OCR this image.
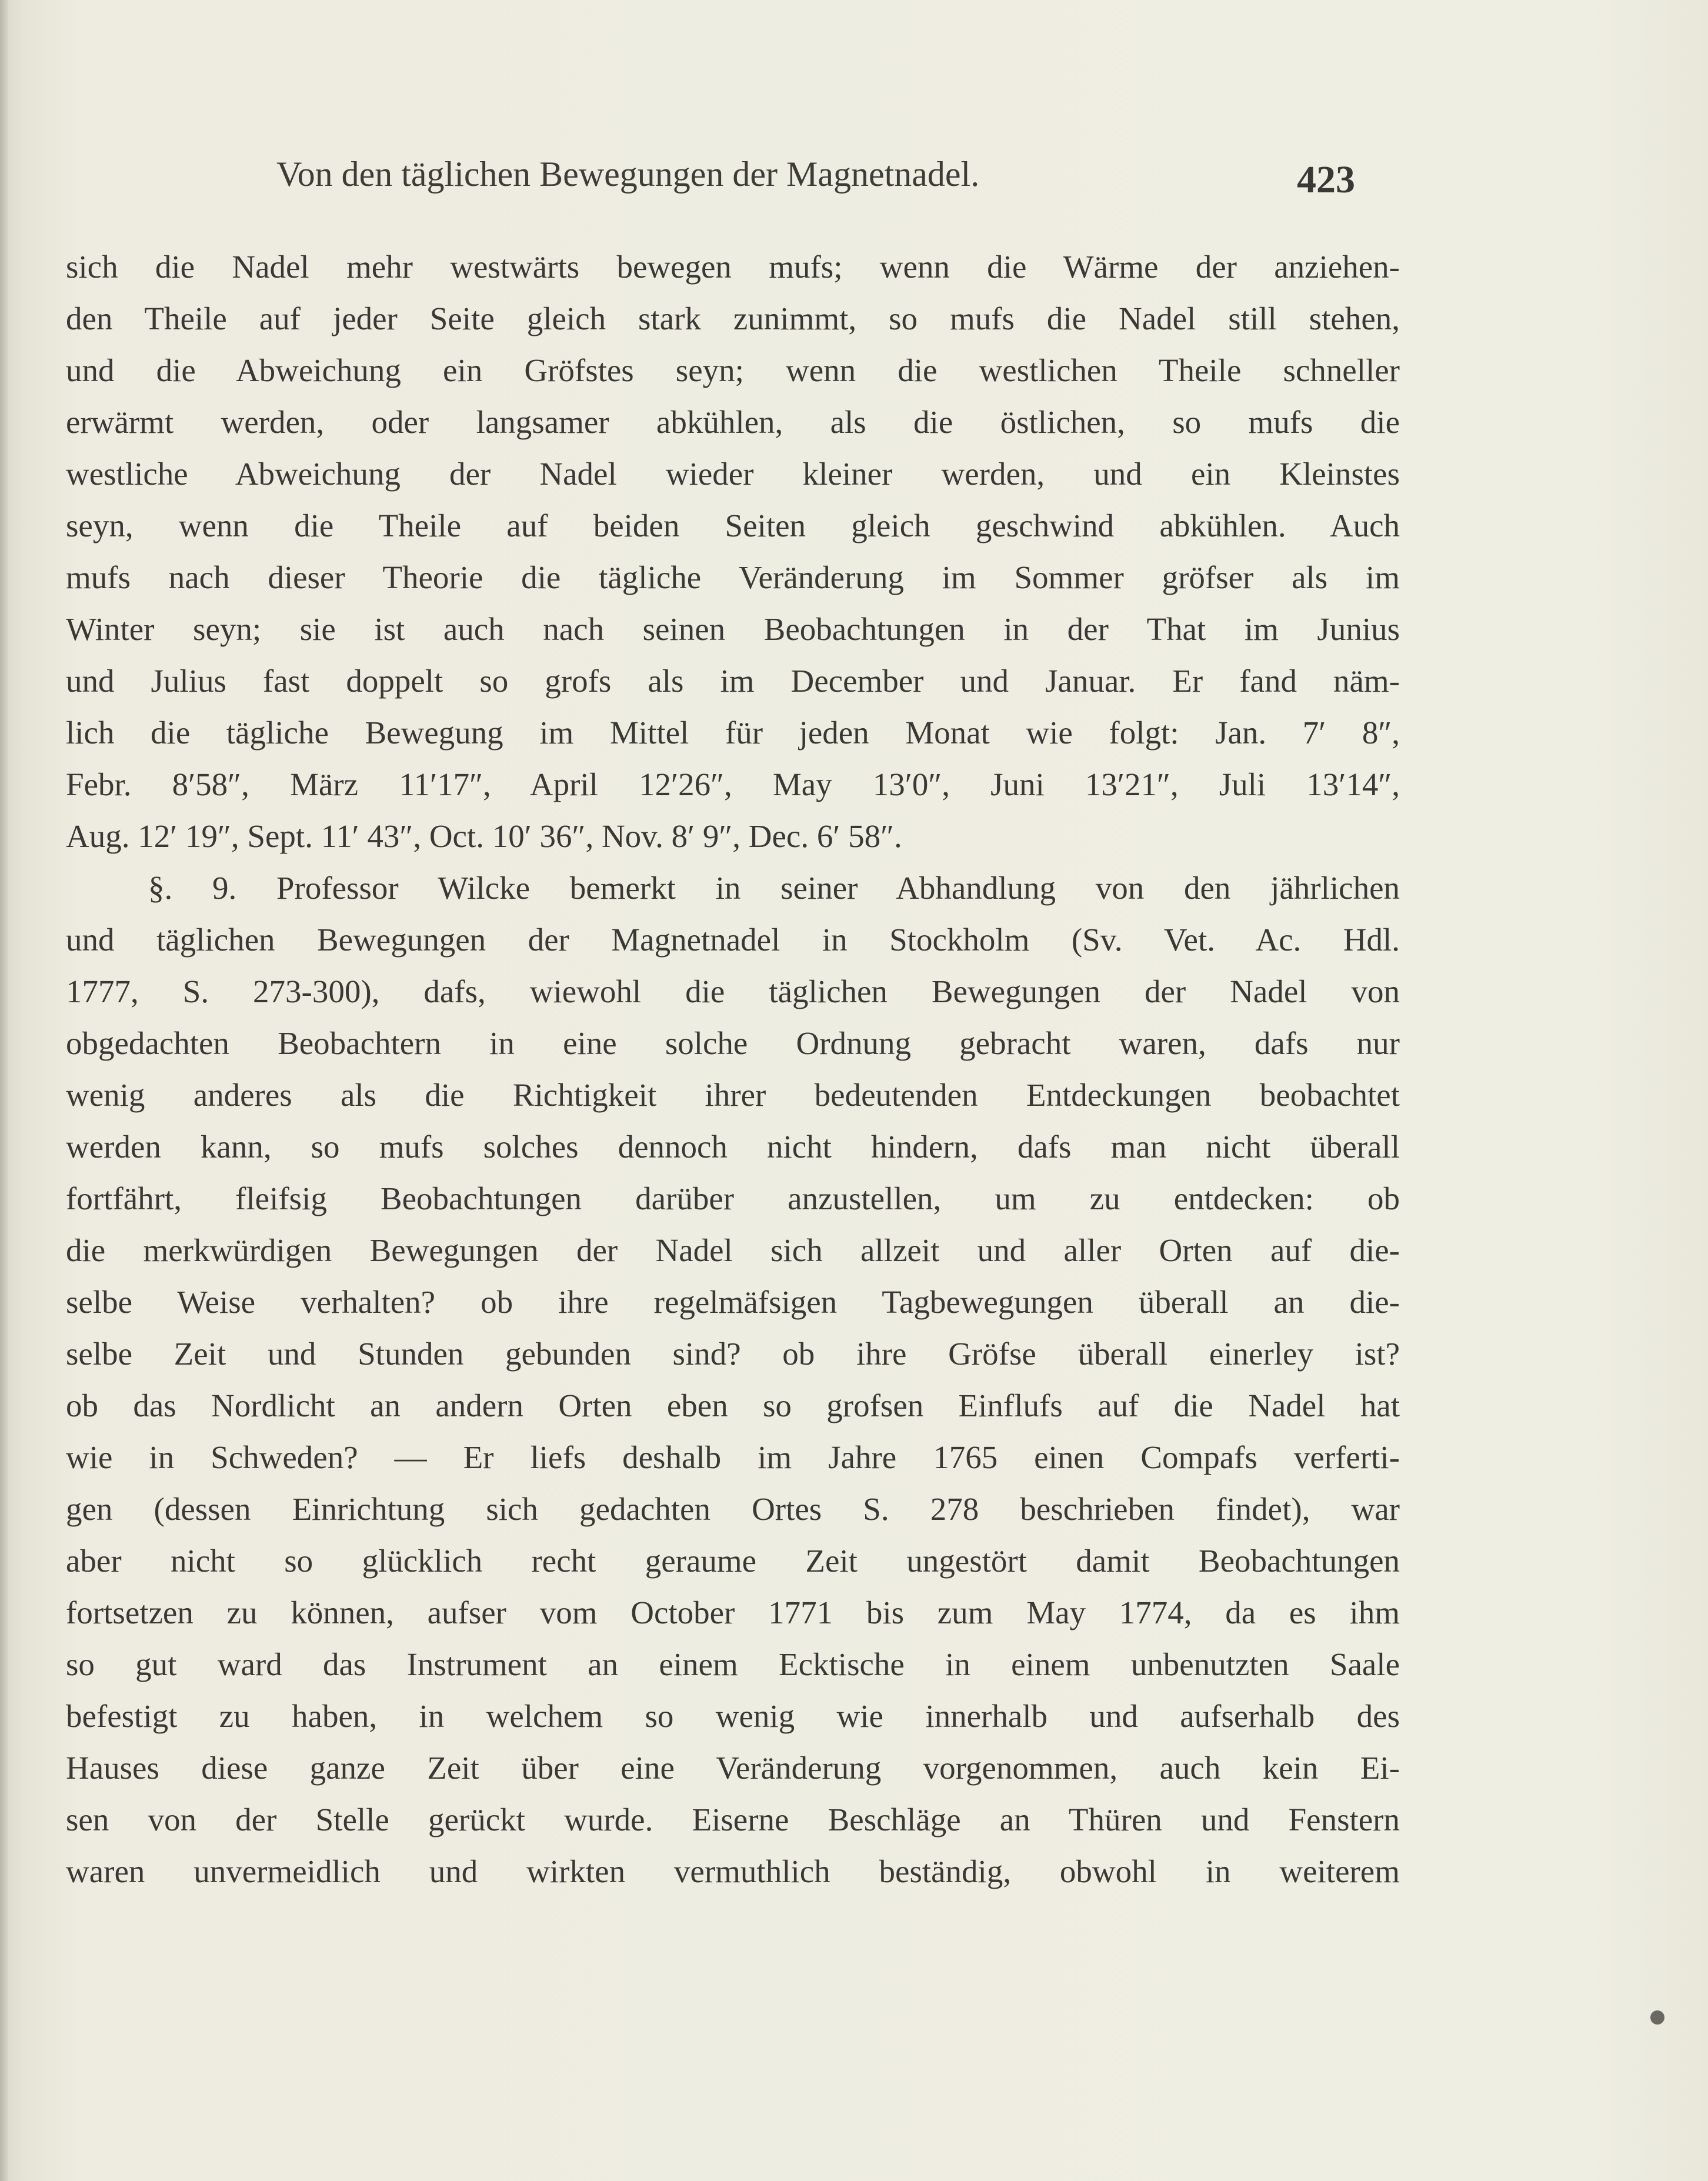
Von den täglichen Bewegungen der Magnetnadel.	423
sich die Nadel mehr westwärts bewegen mufs; wenn die Wärme der anziehen-
den Theile auf jeder Seite gleich stark zunimmt, so mufs die Nadel still stehen,
und die Abweichung ein Gröfstes seyn; wenn die westlichen Theile schneller
erwärmt werden, oder langsamer abkühlen, als die östlichen, so mufs die
westliche Abweichung der Nadel wieder kleiner werden, und ein Kleinstes
seyn, wenn die Theile auf beiden Seiten gleich geschwind abkühlen. Auch
mufs nach dieser Theorie die tägliche Veränderung im Sommer gröfser als im
Winter seyn; sie ist auch nach seinen Beobachtungen in der That im Junius
und Julius fast doppelt so grofs als im December und Januar. Er fand näm-
lich die tägliche Bewegung im Mittel für jeden Monat wie folgt: Jan. 7′ 8″,
Febr. 8′58″, März 11′17″, April 12′26″, May 13′0″, Juni 13′21″, Juli 13′14″,
Aug. 12′ 19″, Sept. 11′ 43″, Oct. 10′ 36″, Nov. 8′ 9″, Dec. 6′ 58″.
§. 9. Professor Wilcke bemerkt in seiner Abhandlung von den jährlichen
und täglichen Bewegungen der Magnetnadel in Stockholm (Sv. Vet. Ac. Hdl.
1777, S. 273-300), dafs, wiewohl die täglichen Bewegungen der Nadel von
obgedachten Beobachtern in eine solche Ordnung gebracht waren, dafs nur
wenig anderes als die Richtigkeit ihrer bedeutenden Entdeckungen beobachtet
werden kann, so mufs solches dennoch nicht hindern, dafs man nicht überall
fortfährt, fleifsig Beobachtungen darüber anzustellen, um zu entdecken: ob
die merkwürdigen Bewegungen der Nadel sich allzeit und aller Orten auf die-
selbe Weise verhalten? ob ihre regelmäfsigen Tagbewegungen überall an die-
selbe Zeit und Stunden gebunden sind? ob ihre Gröfse überall einerley ist?
ob das Nordlicht an andern Orten eben so grofsen Einflufs auf die Nadel hat
wie in Schweden? — Er liefs deshalb im Jahre 1765 einen Compafs verferti-
gen (dessen Einrichtung sich gedachten Ortes S. 278 beschrieben findet), war
aber nicht so glücklich recht geraume Zeit ungestört damit Beobachtungen
fortsetzen zu können, aufser vom October 1771 bis zum May 1774, da es ihm
so gut ward das Instrument an einem Ecktische in einem unbenutzten Saale
befestigt zu haben, in welchem so wenig wie innerhalb und aufserhalb des
Hauses diese ganze Zeit über eine Veränderung vorgenommen, auch kein Ei-
sen von der Stelle gerückt wurde. Eiserne Beschläge an Thüren und Fenstern
waren unvermeidlich und wirkten vermuthlich beständig, obwohl in weiterem
